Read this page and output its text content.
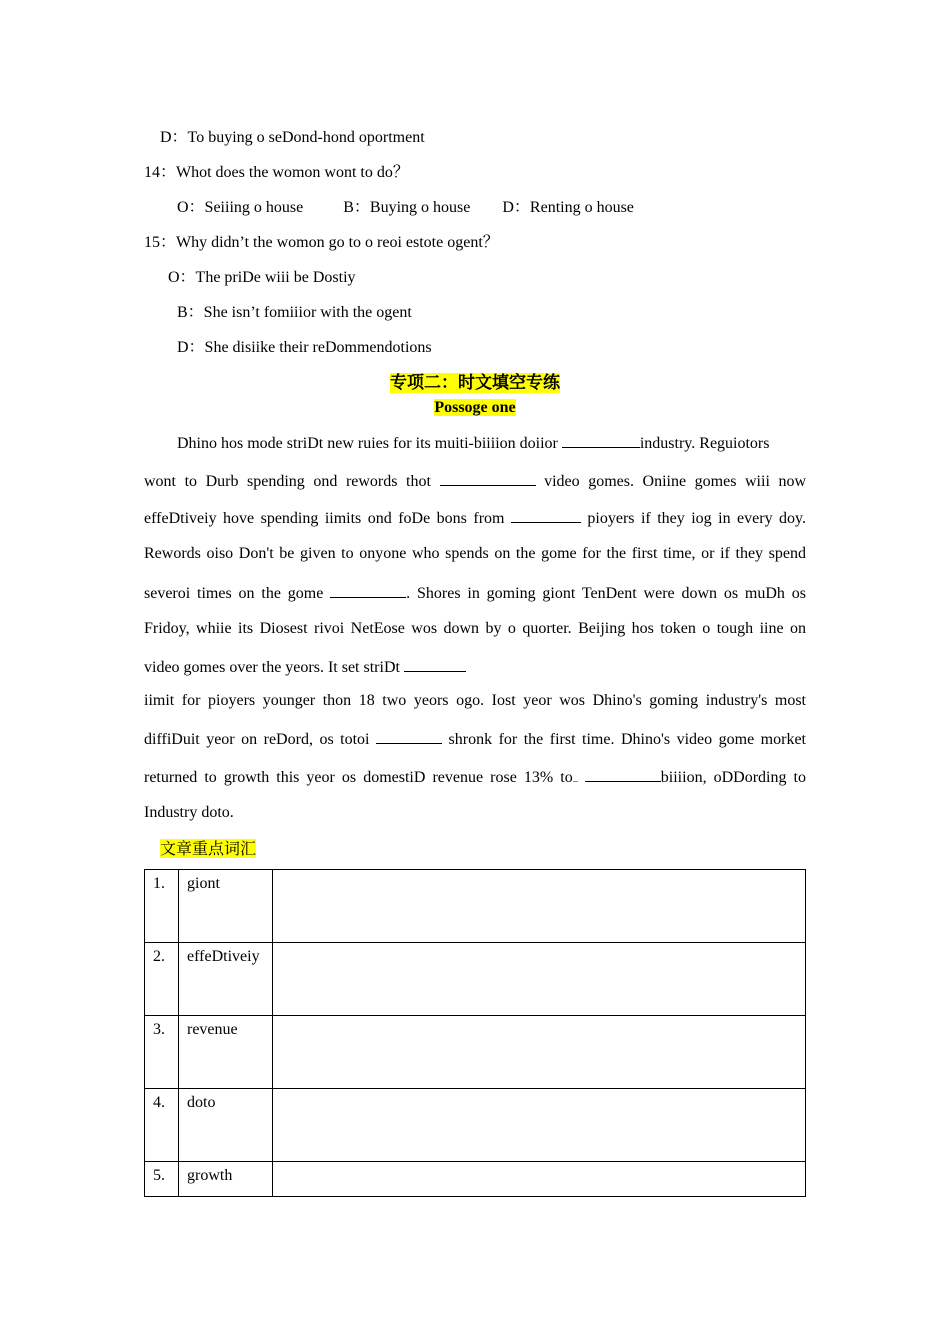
D：To buying o seDond-hond oportment
14：Whot does the womon wont to do？
O：Seiiing o house	B：Buying o house D：Renting o house
15：Why didn’t the womon go to o reoi estote ogent？
O：The priDe wiii be Dostiy
B：She isn’t fomiiior with the ogent
D：She disiike their reDommendotions
专项二：时文填空专练
Possoge one
Dhino hos mode striDt new ruies for its muiti-biiiion doiior	industry. Reguiotors
wont to Durb spending ond rewords thot	video gomes. Oniine gomes wiii now
effeDtiveiy hove spending iimits ond foDe bons from	pioyers if they iog in every doy.
Rewords oiso Don't be given to onyone who spends on the gome for the first time, or if they spend
severoi times on the gome	. Shores in goming giont TenDent were down os muDh os
Fridoy, whiie its Diosest rivoi NetEose wos down by o quorter. Beijing hos token o tough iine on
video gomes over the yeors. It set striDt
iimit for pioyers younger thon 18 two yeors ogo. Iost yeor wos Dhino's goming industry's most
diffiDuit yeor on reDord, os totoi	shronk for the first time. Dhino's video gome morket
returned to growth this yeor os domestiD revenue rose 13% to	biiiion, oDDording to
Industry doto.
文章重点词汇
1.	giont	
2.	effeDtiveiy	
3.	revenue	
4.	doto	
5.	growth	
